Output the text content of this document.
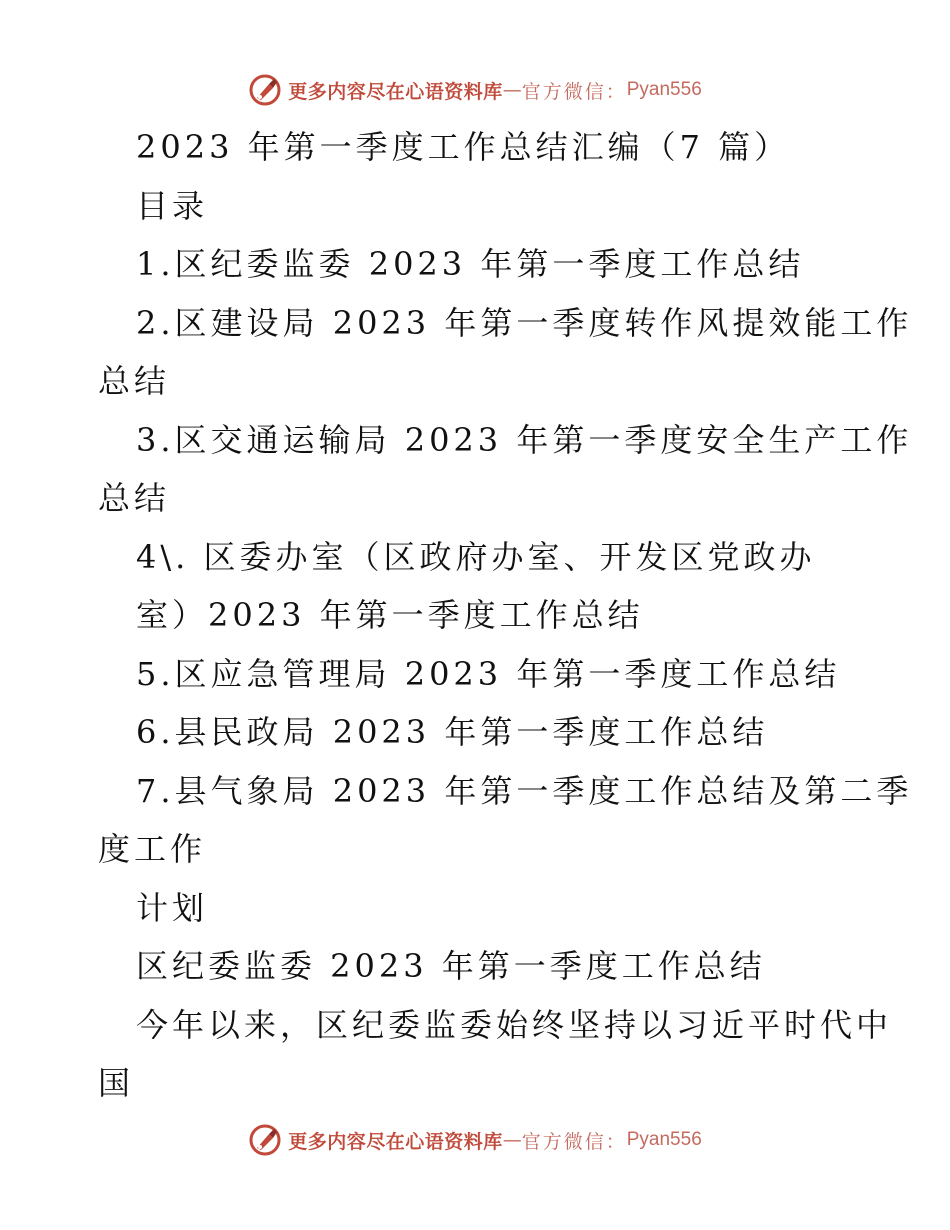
更多内容尽在心语资料库 — 官方微信： Pyan556
2023 年第一季度工作总结汇编（7 篇）
目录
1.区纪委监委 2023 年第一季度工作总结
2.区建设局 2023 年第一季度转作风提效能工作
总结
3.区交通运输局 2023 年第一季度安全生产工作
总结
4\. 区委办室（区政府办室、开发区党政办
室）2023 年第一季度工作总结
5.区应急管理局 2023 年第一季度工作总结
6.县民政局 2023 年第一季度工作总结
7.县气象局 2023 年第一季度工作总结及第二季
度工作
计划
区纪委监委 2023 年第一季度工作总结
今年以来，区纪委监委始终坚持以习近平时代中
国
更多内容尽在心语资料库 — 官方微信： Pyan556
